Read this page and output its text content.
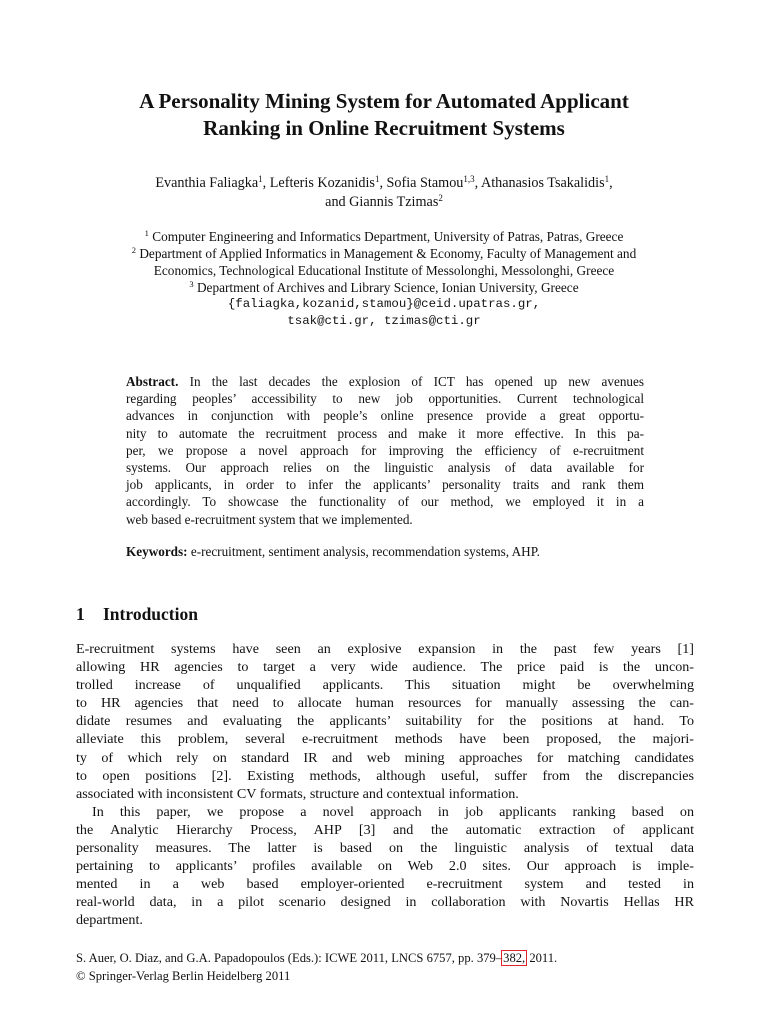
A Personality Mining System for Automated Applicant
Ranking in Online Recruitment Systems
Evanthia Faliagka$^1$, Lefteris Kozanidis$^1$, Sofia Stamou$^{1,3}$, Athanasios Tsakalidis$^1$,
and Giannis Tzimas$^2$
$^1$ Computer Engineering and Informatics Department, University of Patras, Patras, Greece
$^2$ Department of Applied Informatics in Management & Economy, Faculty of Management and
Economics, Technological Educational Institute of Messolonghi, Messolonghi, Greece
$^3$ Department of Archives and Library Science, Ionian University, Greece
{faliagka,kozanid,stamou}@ceid.upatras.gr,
tsak@cti.gr, tzimas@cti.gr
Abstract. In the last decades the explosion of ICT has opened up new avenues
regarding peoples’ accessibility to new job opportunities. Current technological
advances in conjunction with people’s online presence provide a great opportu-
nity to automate the recruitment process and make it more effective. In this pa-
per, we propose a novel approach for improving the efficiency of e-recruitment
systems. Our approach relies on the linguistic analysis of data available for
job applicants, in order to infer the applicants’ personality traits and rank them
accordingly. To showcase the functionality of our method, we employed it in a
web based e-recruitment system that we implemented.
Keywords: e-recruitment, sentiment analysis, recommendation systems, AHP.
1 Introduction
E-recruitment systems have seen an explosive expansion in the past few years [1]
allowing HR agencies to target a very wide audience. The price paid is the uncon-
trolled increase of unqualified applicants. This situation might be overwhelming
to HR agencies that need to allocate human resources for manually assessing the can-
didate resumes and evaluating the applicants’ suitability for the positions at hand. To
alleviate this problem, several e-recruitment methods have been proposed, the majori-
ty of which rely on standard IR and web mining approaches for matching candidates
to open positions [2]. Existing methods, although useful, suffer from the discrepancies
associated with inconsistent CV formats, structure and contextual information.
In this paper, we propose a novel approach in job applicants ranking based on
the Analytic Hierarchy Process, AHP [3] and the automatic extraction of applicant
personality measures. The latter is based on the linguistic analysis of textual data
pertaining to applicants’ profiles available on Web 2.0 sites. Our approach is imple-
mented in a web based employer-oriented e-recruitment system and tested in
real-world data, in a pilot scenario designed in collaboration with Novartis Hellas HR
department.
S. Auer, O. Diaz, and G.A. Papadopoulos (Eds.): ICWE 2011, LNCS 6757, pp. 379–382, 2011.
© Springer-Verlag Berlin Heidelberg 2011
